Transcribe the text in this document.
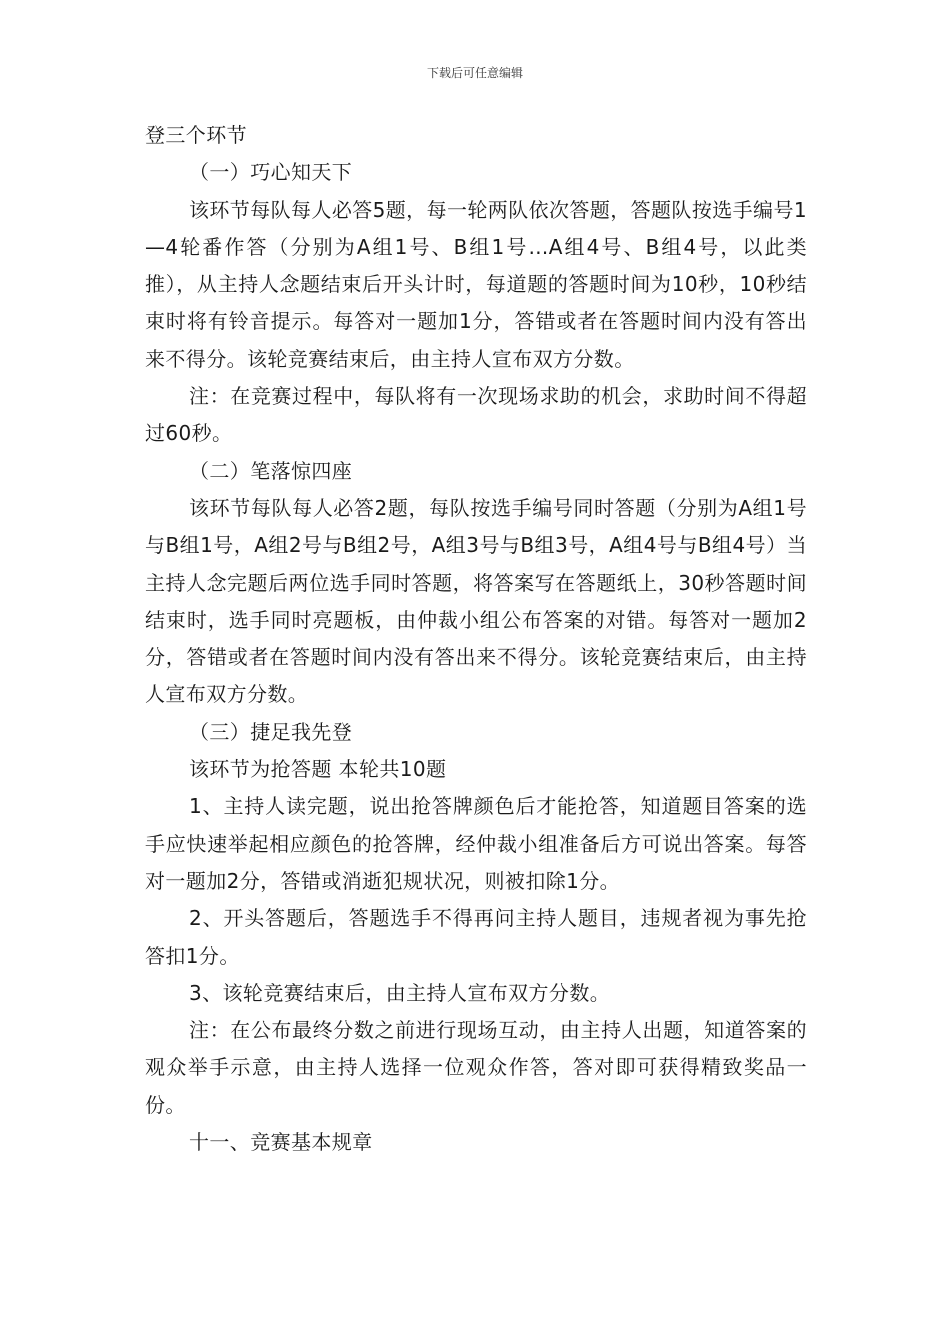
下载后可任意编辑

登三个环节

（一）巧心知天下

该环节每队每人必答5题，每一轮两队依次答题，答题队按选手编号1—4轮番作答（分别为A组1号、B组1号…A组4号、B组4号，以此类推），从主持人念题结束后开头计时，每道题的答题时间为10秒，10秒结束时将有铃音提示。每答对一题加1分，答错或者在答题时间内没有答出来不得分。该轮竞赛结束后，由主持人宣布双方分数。

注：在竞赛过程中，每队将有一次现场求助的机会，求助时间不得超过60秒。

（二）笔落惊四座

该环节每队每人必答2题，每队按选手编号同时答题（分别为A组1号与B组1号，A组2号与B组2号，A组3号与B组3号，A组4号与B组4号）当主持人念完题后两位选手同时答题，将答案写在答题纸上，30秒答题时间结束时，选手同时亮题板，由仲裁小组公布答案的对错。每答对一题加2分，答错或者在答题时间内没有答出来不得分。该轮竞赛结束后，由主持人宣布双方分数。

（三）捷足我先登

该环节为抢答题 本轮共10题

1、主持人读完题，说出抢答牌颜色后才能抢答，知道题目答案的选手应快速举起相应颜色的抢答牌，经仲裁小组准备后方可说出答案。每答对一题加2分，答错或消逝犯规状况，则被扣除1分。

2、开头答题后，答题选手不得再问主持人题目，违规者视为事先抢答扣1分。

3、该轮竞赛结束后，由主持人宣布双方分数。

注：在公布最终分数之前进行现场互动，由主持人出题，知道答案的观众举手示意，由主持人选择一位观众作答，答对即可获得精致奖品一份。

十一、竞赛基本规章
